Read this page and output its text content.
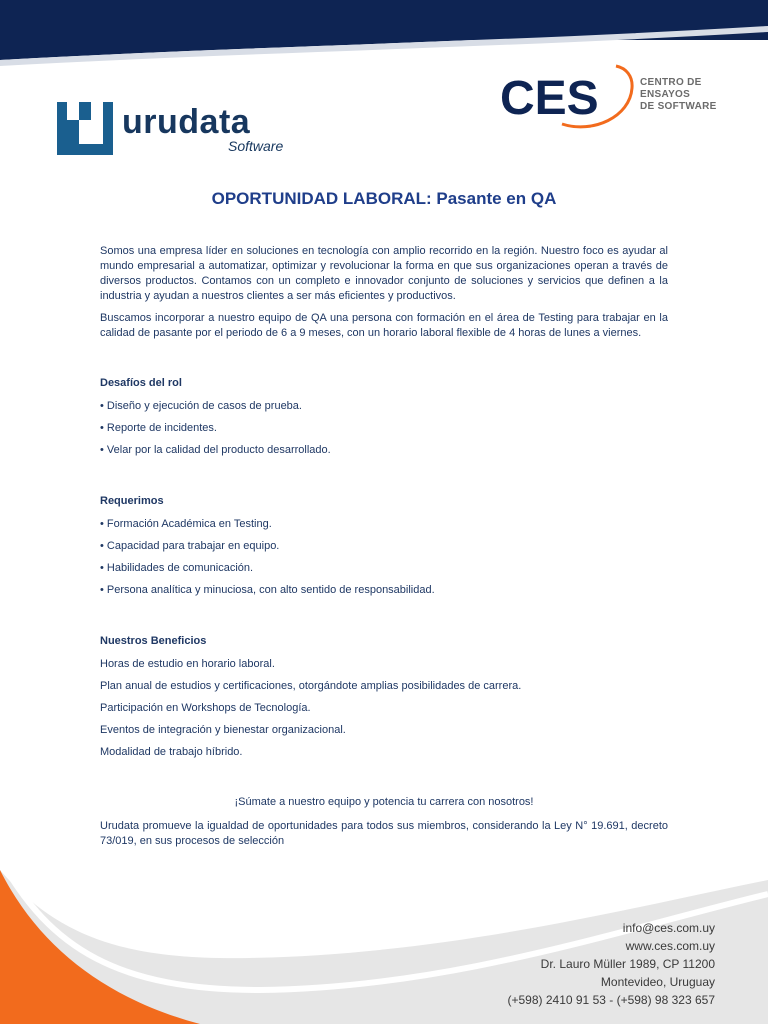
urudata
Software
CES	CENTRO DE
ENSAYOS
DE SOFTWARE
OPORTUNIDAD LABORAL: Pasante en QA

Somos una empresa líder en soluciones en tecnología con amplio recorrido en la región. Nuestro foco es ayudar al mundo empresarial a automatizar, optimizar y revolucionar la forma en que sus organizaciones operan a través de diversos productos. Contamos con un completo e innovador conjunto de soluciones y servicios que definen a la industria y ayudan a nuestros clientes a ser más eficientes y productivos.

Buscamos incorporar a nuestro equipo de QA una persona con formación en el área de Testing para trabajar en la calidad de pasante por el periodo de 6 a 9 meses, con un horario laboral flexible de 4 horas de lunes a viernes.

Desafíos del rol
• Diseño y ejecución de casos de prueba.
• Reporte de incidentes.
• Velar por la calidad del producto desarrollado.
Requerimos
• Formación Académica en Testing.
• Capacidad para trabajar en equipo.
• Habilidades de comunicación.
• Persona analítica y minuciosa, con alto sentido de responsabilidad.
Nuestros Beneficios
Horas de estudio en horario laboral.
Plan anual de estudios y certificaciones, otorgándote amplias posibilidades de carrera.
Participación en Workshops de Tecnología.
Eventos de integración y bienestar organizacional.
Modalidad de trabajo híbrido.
¡Súmate a nuestro equipo y potencia tu carrera con nosotros!

Urudata promueve la igualdad de oportunidades para todos sus miembros, considerando la Ley N° 19.691, decreto 73/019, en sus procesos de selección

info@ces.com.uy
www.ces.com.uy
Dr. Lauro Müller 1989, CP 11200
Montevideo, Uruguay
(+598) 2410 91 53 - (+598) 98 323 657
